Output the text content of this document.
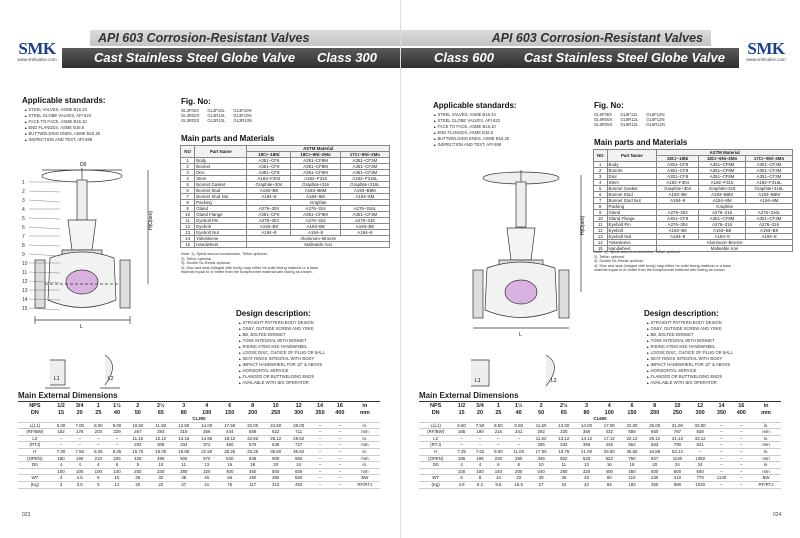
API 603 Corrosion-Resistant Valves
Cast Stainless Steel Globe Valve Class 300
SMK
www.smkvalve.com
Applicable standards:
▲ STEEL VALVES, ASME B16.34
▲ STEEL GLOBE VALVES, API 623
▲ FACE TO FACE, ASME B16.10
▲ END FLANGES, ASME B16.5
▲ BUTTWELDING ENDS, ASME B16.25
▲ INSPECTION AND TEST, API 598
Fig. No:
GL3F02X GL3F10L GL3F10N
GL3R02X GL3R10L GL3F10N
GL3R02X GL3R10L GL3R10N
Main parts and Materials
NO	Part Name	ASTM Material		
		18Cr–18Ni	18Cr–9Ni–2Mo	17Cr–9Ni–2Mo
1	Body	A351–CF8	A351–CF8M	A351–CF3M
2	Bonnet	A351–CF8	A351–CF8M	A351–CF3M
3	Disc	A351–CF8	A351–CF8M	A351–CF3M
4	Stem	A182–F304	A182–F316	A182–F316L
5	Bonnet Gasket	Graphite+304	Graphite+316	Graphite+316L
6	Bonnet Stud	A193–B8	A193–B8M	A193–B8M
7	Bonnet Stud Nut	A194–8	A194–8M	A194–8M
8	Packing	Graphite		
9	Gland	A276–304	A276–316	A276–316L
10	Gland Flange	A351–CF8	A351–CF8M	A351–CF3M
11	Eyebolt Pin	A276–304	A276–316	A276–316
12	Eyebolt	A193–B8	A193–B8	A193–B8
13	Eyebolt Nut	A194–8	A194–8	A194–8
14	Yokesleeve	Aluminum–Bronze		
15	Handwheel	Malleable Iron		
Note: 1). Spiral wound construction, Teflon optional.
2). Teflon optional.
3). Ductile Ni–Resist optional.
4). Disc and seat (integral with body) may either be solid facing material or a base
material equal to or better than the body/bonnet material with facing as shown.
Design description:
▲ STRAIGHT PATTERN BODY DESIGN
▲ OS&Y, OUTSIDE SCREW AND YOKE
▲ BB, BOLTED BONNET
▲ YOKE INTEGRAL WITH BONNET
▲ RISING STEM AND HANDWHEEL
▲ LOOSE DISC, CHOICE OF PLUG OR BALL
▲ SEAT RINGS INTEGRAL WITH BODY
▲ IMPACT HANDWHEEL FOR 10" & ABOVE
▲ HORIZONTAL SERVICE
▲ FLANGED OR BUTTWELDING ENDS
▲ AVAILABLE WITH BIG OPERATOR
1
2
3
4
5
6
7
8
9
10
11
12
13
14
15
D0
H(Open)
L
L1	L2
Main External Dimensions
NPS	1/2	3/4	1	1½	2	2½	3	4	6	8	10	12	14	16	in
DN	15	20	25	40	50	65	80	100	150	200	250	300	350	400	mm
CL300															
L(L1)	6.00	7.00	8.00	9.00	10.50	11.50	12.50	14.00	17.50	22.00	24.50	28.00	–	–	in.
(RF/BW)	152	178	203	229	267	292	318	356	444	559	622	711	–	–	mm
L2	–	–	–	–	11.15	12.12	13.15	14.65	18.12	22.62	25.12	28.62	–	–	in.
(RTJ)	–	–	–	–	283	308	334	372	460	575	638	727	–	–	mm
H	7.00	7.50	8.25	8.25	16.75	19.00	19.88	22.50	25.25	33.25	35.50	36.82	–	–	in.
(OPEN)	180	190	210	235	425	485	505	570	640	845	900	960	–	–	mm
D0	4	4	4	6	8	10	11	13	16	18	20	24	–	–	in.
	100	100	100	140	200	240	280	320	400	450	500	600	–	–	mm
WT	4	4.5	6	15	25	32	38	46	66	150	380	550	–	–	BW
(Kg)	3	3.5	5	12	20	22	27	41	75	117	310	492	–	–	RF/RTJ
023
API 603 Corrosion-Resistant Valves
Class 600 Cast Stainless Steel Globe Valve	SMK
www.smkvalve.com
Applicable standards:
▲ STEEL VALVES, ASME B16.34
▲ STEEL GLOBE VALVES, API 623
▲ FACE TO FACE, ASME B16.10
▲ END FLANGES, ASME B16.5
▲ BUTTWELDING ENDS, ASME B16.25
▲ INSPECTION AND TEST, API 598
Fig. No:
GL6F05X GL6F12L GL6F12N
GL6R05X GL6R12L GL6F12N
GL6R05X GL6R12L GL6R12N
Main parts and Materials
NO	Part Name	ASTM Material		
		18Cr–18Ni	18Cr–9Ni–2Mo	17Cr–9Ni–2Mo
1	Body	A351–CF8	A351–CF8M	A351–CF3M
2	Bonnet	A351–CF8	A351–CF8M	A351–CF3M
3	Disc	A351–CF8	A351–CF8M	A351–CF3M
4	Stem	A182–F304	A182–F316	A182–F316L
5	Bonnet Gasket	Graphite+304	Graphite+316	Graphite+316L
6	Bonnet Stud	A193–B8	A193–B8M	A193–B8M
7	Bonnet Stud Nut	A194–8	A194–8M	A194–8M
8	Packing	Graphite		
9	Gland	A276–304	A276–316	A276–316L
10	Gland Flange	A351–CF8	A351–CF8M	A351–CF3M
11	Eyebolt Pin	A276–304	A276–316	A276–316
12	Eyebolt	A193–B8	A193–B8	A193–B8
13	Eyebolt Nut	A194–8	A194–8	A194–8
14	Yokesleeve	Aluminum–Bronze		
15	Handwheel	Malleable Iron		
Note: 1). Spiral wound construction, Teflon optional.
2). Teflon optional.
3). Ductile Ni–Resist optional.
4). Disc and seat (integral with body) may either be solid facing material or a base
material equal to or better than the body/bonnet material with facing as shown.
Design description:
▲ STRAIGHT PATTERN BODY DESIGN
▲ OS&Y, OUTSIDE SCREW AND YOKE
▲ BB, BOLTED BONNET
▲ YOKE INTEGRAL WITH BONNET
▲ RISING STEM AND HANDWHEEL
▲ LOOSE DISC, CHOICE OF PLUG OR BALL
▲ SEAT RINGS INTEGRAL WITH BODY
▲ IMPACT HANDWHEEL FOR 10" & ABOVE
▲ HORIZONTAL SERVICE
▲ FLANGED OR BUTTWELDING ENDS
▲ AVAILABLE WITH BIG OPERATOR
H(Open)
L
L1	L2
Main External Dimensions
NPS	1/2	3/4	1	1½	2	2½	3	4	6	8	10	12	14	16	in
DN	15	20	25	40	50	65	80	100	150	200	250	300	350	400	mm
CL600															
L(L1)	6.50	7.50	8.50	9.50	11.50	13.00	14.00	17.00	22.00	26.00	31.00	33.00	–	–	in.
(RF/BW)	165	190	216	241	292	330	356	432	559	660	787	838	–	–	mm
L2	–	–	–	–	11.62	13.12	14.12	17.12	22.12	26.12	31.12	33.12	–	–	in.
(RTJ)	–	–	–	–	295	333	359	435	562	663	790	841	–	–	mm
H	7.25	7.62	9.00	11.00	17.50	19.75	21.00	25.50	36.50	44.88	53.12	–	–	–	in.
(OPEN)	185	195	230	280	445	502	533	622	750	927	1140	1350	–	–	mm
D0	4	4	6	8	10	11	13	16	18	20	24	24	–	–	in.
	100	100	140	200	240	280	320	400	450	500	600	600	–	–	mm
WT	6	8	14	23	28	36	43	60	110	230	410	770	1140	–	BW
(Kg)	4.8	6.2	9.5	16.5	27	34	42	84	182	350	680	1030	–	–	RF/RTJ
024
